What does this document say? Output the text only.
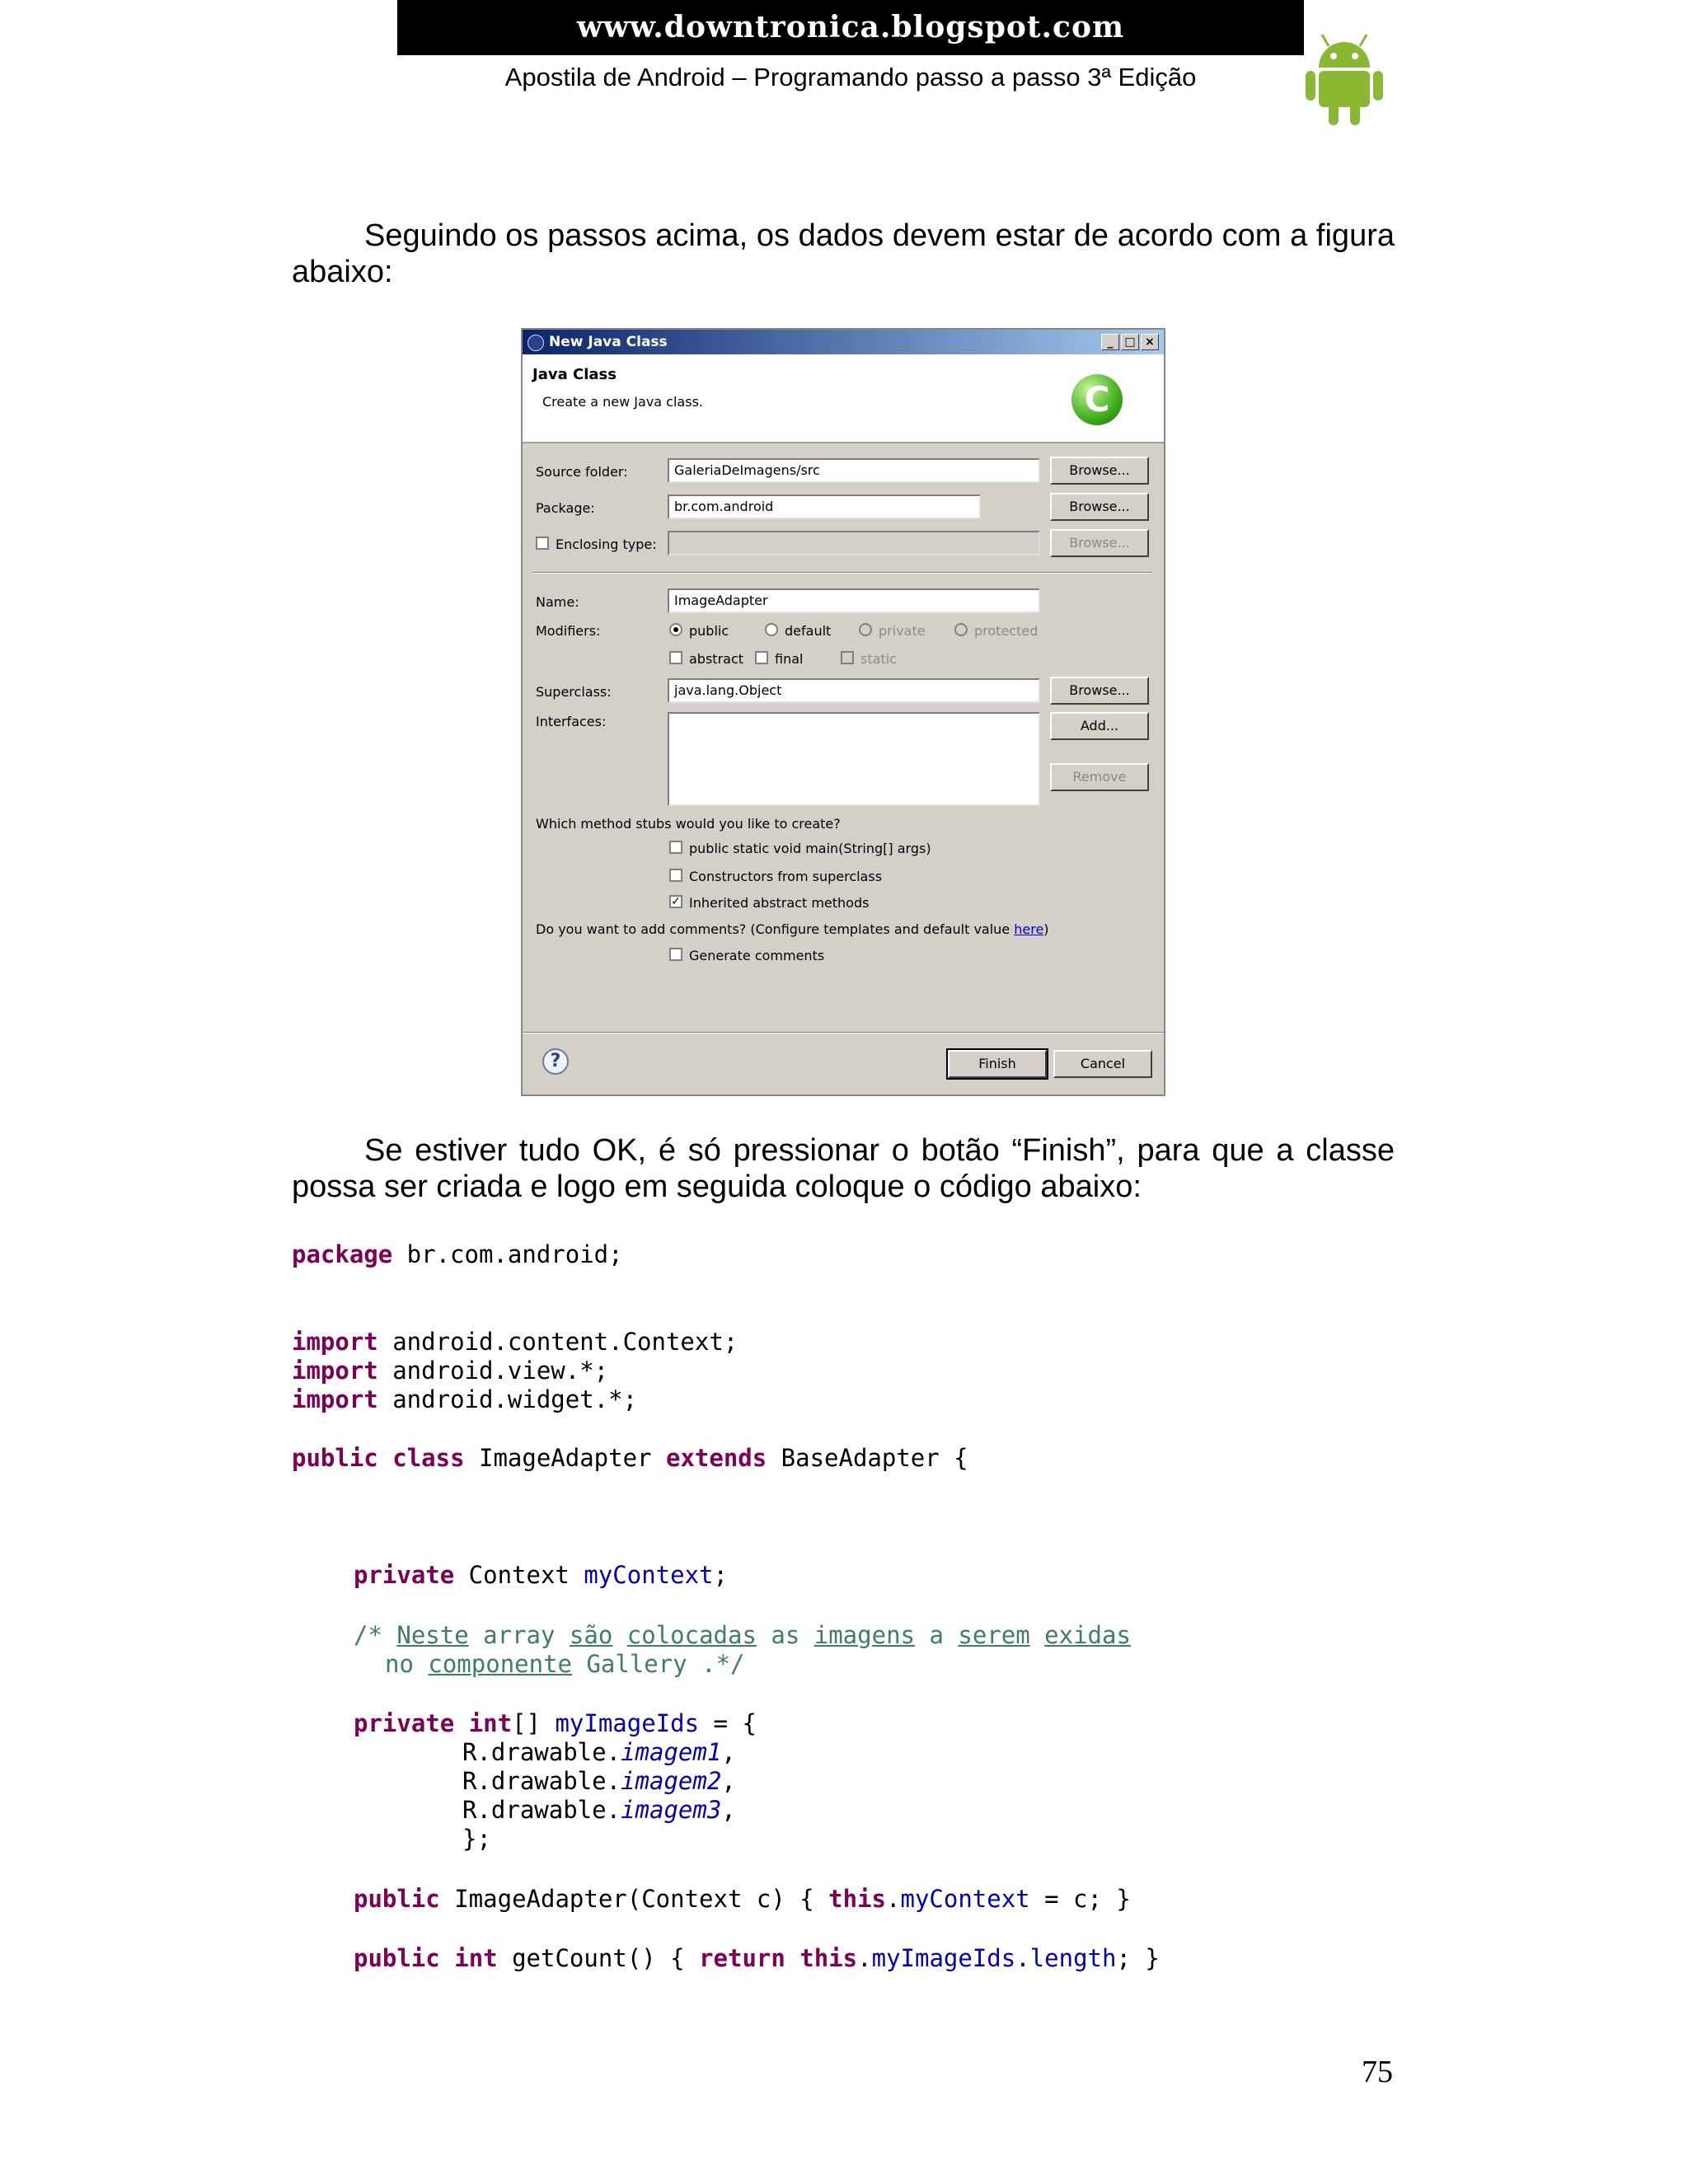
www.downtronica.blogspot.com
Apostila de Android – Programando passo a passo 3ª Edição
Seguindo os passos acima, os dados devem estar de acordo com a figura abaixo:
New Java Class	_ □ ×
Java Class
Create a new Java class.	C
Source folder:	GaleriaDeImagens/src	Browse...
Package:	br.com.android	Browse...
Enclosing type:	Browse...
Name:	ImageAdapter
Modifiers:	public	default	private	protected
abstract final	static
Superclass:	java.lang.Object	Browse...
Interfaces:	Add...
Remove
Which method stubs would you like to create?
public static void main(String[] args)
Constructors from superclass
✓ Inherited abstract methods
Do you want to add comments? (Configure templates and default value here)
Generate comments
?	Finish	Cancel
Se estiver tudo OK, é só pressionar o botão “Finish”, para que a classe possa ser criada e logo em seguida coloque o código abaixo:
package br.com.android;
import android.content.Context;
import android.view.*;
import android.widget.*;
public class ImageAdapter extends BaseAdapter {
private Context myContext;
/* Neste array são colocadas as imagens a serem exidas
no componente Gallery .*/
private int[] myImageIds = {
R.drawable.imagem1,
R.drawable.imagem2,
R.drawable.imagem3,
};
public ImageAdapter(Context c) { this.myContext = c; }
public int getCount() { return this.myImageIds.length; }
75
